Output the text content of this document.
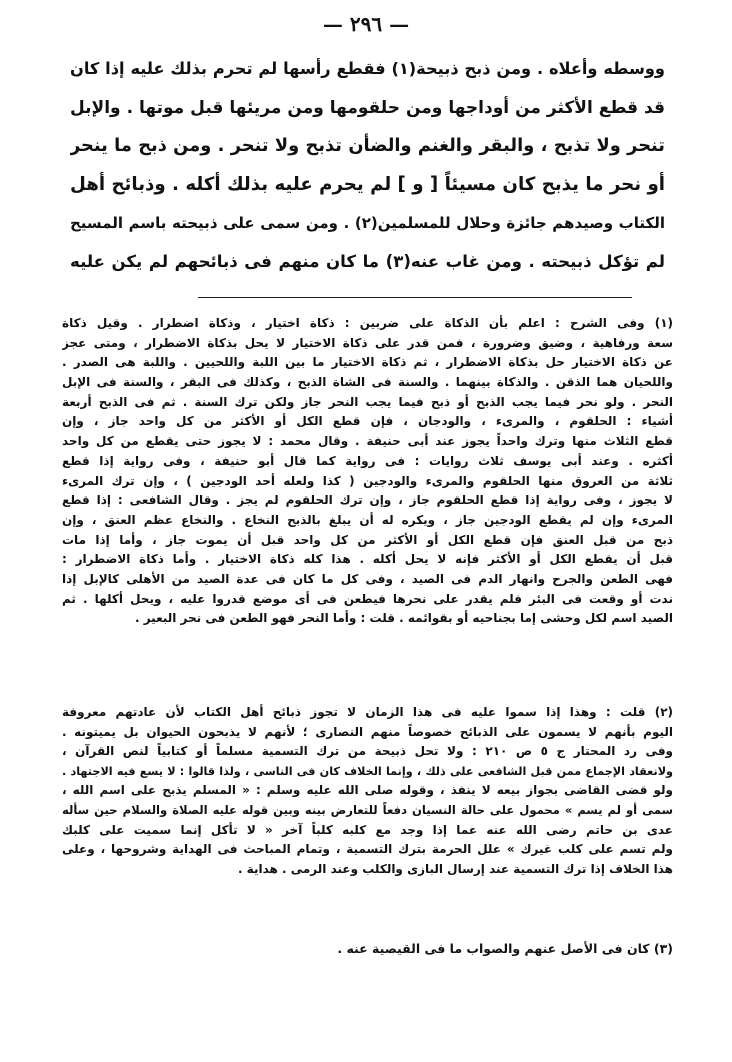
— ٢٩٦ —
ووسطه وأعلاه . ومن ذبح ذبيحة(١) فقطع رأسها لم تحرم بذلك عليه إذا كان
قد قطع الأكثر من أوداجها ومن حلقومها ومن مريئها قبل موتها . والإبل
تنحر ولا تذبح ، والبقر والغنم والضأن تذبح ولا تنحر . ومن ذبح ما ينحر
أو نحر ما يذبح كان مسيئاً [ و ] لم يحرم عليه بذلك أكله . وذبائح أهل
الكتاب وصيدهم جائزة وحلال للمسلمين(٢) . ومن سمى على ذبيحته باسم المسيح
لم تؤكل ذبيحته . ومن غاب عنه(٣) ما كان منهم فى ذبائحهم لم يكن عليه
(١) وفى الشرح : اعلم بأن الذكاة على ضربين : ذكاة اختيار ، وذكاة اضطرار . وقيل ذكاة
سعة ورفاهية ، وضيق وضرورة ، فمن قدر على ذكاة الاختيار لا يحل بذكاة الاضطرار ، ومتى عجز
عن ذكاة الاختيار حل بذكاة الاضطرار ، ثم ذكاة الاختيار ما بين اللبة واللحيين . واللبة هى الصدر .
واللحيان هما الذقن . والذكاة بينهما . والسنة فى الشاة الذبح ، وكذلك فى البقر ، والسنة فى الإبل
النحر . ولو نحر فيما يجب الذبح أو ذبح فيما يجب النحر جاز ولكن ترك السنة . ثم فى الذبح أربعة
أشياء : الحلقوم ، والمرىء ، والودجان ، فإن قطع الكل أو الأكثر من كل واحد جاز ، وإن
قطع الثلاث منها وترك واحداً يجوز عند أبى حنيفة . وقال محمد : لا يجوز حتى يقطع من كل واحد
أكثره . وعند أبى يوسف ثلاث روايات : فى رواية كما قال أبو حنيفة ، وفى رواية إذا قطع
ثلاثة من العروق منها الحلقوم والمرىء والودجين ( كذا ولعله أحد الودجين ) ، وإن ترك المرىء
لا يجوز ، وفى رواية إذا قطع الحلقوم جاز ، وإن ترك الحلقوم لم يجز . وقال الشافعى : إذا قطع
المرىء وإن لم يقطع الودجين جاز ، ويكره له أن يبلغ بالذبح النخاع . والنخاع عظم العنق ، وإن
ذبح من قبل العنق فإن قطع الكل أو الأكثر من كل واحد قبل أن يموت جاز ، وأما إذا مات
قبل أن يقطع الكل أو الأكثر فإنه لا يحل أكله . هذا كله ذكاة الاختيار . وأما ذكاة الاضطرار :
فهى الطعن والجرح وانهار الدم فى الصيد ، وفى كل ما كان فى عدة الصيد من الأهلى كالإبل إذا
ندت أو وقعت فى البئر فلم يقدر على نحرها فيطعن فى أى موضع قدروا عليه ، ويحل أكلها . ثم
الصيد اسم لكل وحشى إما بجناحيه أو بقوائمه . قلت : وأما النحر فهو الطعن فى نحر البعير .
(٢) قلت : وهذا إذا سموا عليه فى هذا الزمان لا تجوز ذبائح أهل الكتاب لأن عادتهم معروفة
اليوم بأنهم لا يسمون على الذبائح خصوصاً منهم النصارى ؛ لأنهم لا يذبحون الحيوان بل يميتونه .
وفى رد المحتار ج ٥ ص ٢١٠ : ولا تحل ذبيحة من ترك التسمية مسلماً أو كتابياً لنص القرآن ،
ولانعقاد الإجماع ممن قبل الشافعى على ذلك ، وإنما الخلاف كان فى الناسى ، ولذا قالوا : لا يسع فيه الاجتهاد .
ولو قضى القاضى بجواز بيعه لا ينفذ ، وقوله صلى الله عليه وسلم : « المسلم يذبح على اسم الله ،
سمى أو لم يسم » محمول على حالة النسيان دفعاً للتعارض بينه وبين قوله عليه الصلاة والسلام حين سأله
عدى بن حاتم رضى الله عنه عما إذا وجد مع كلبه كلباً آخر « لا تأكل إنما سميت على كلبك
ولم تسم على كلب غيرك » علل الحرمة بترك التسمية ، وتمام المباحث فى الهداية وشروحها ، وعلى
هذا الخلاف إذا ترك التسمية عند إرسال البازى والكلب وعند الرمى . هداية .
(٣) كان فى الأصل عنهم والصواب ما فى القيصية عنه .
